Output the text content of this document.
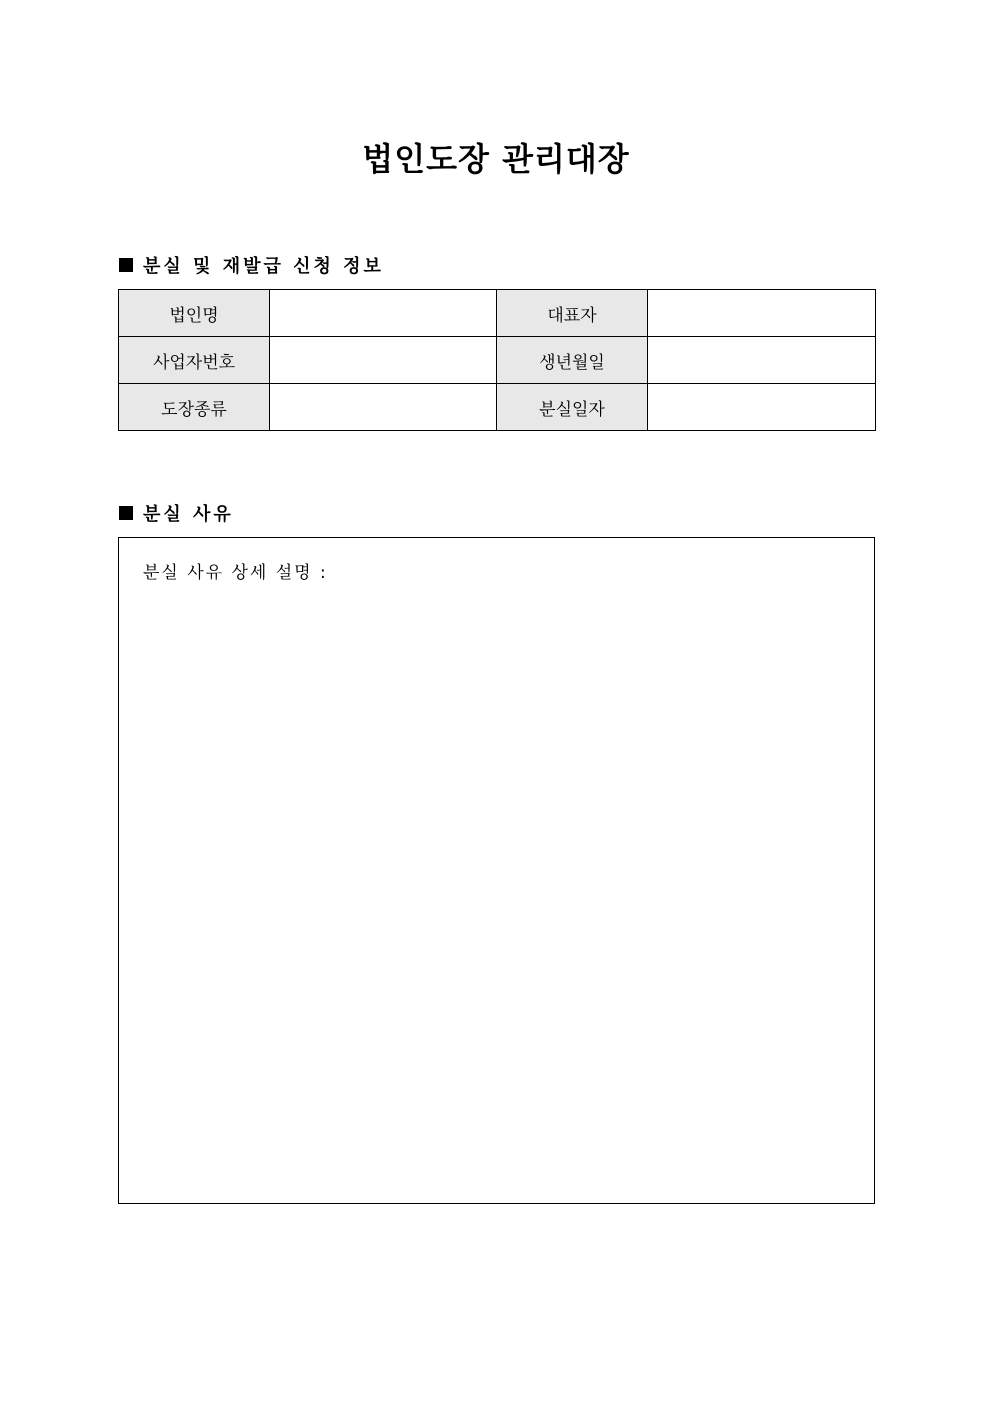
법인도장 관리대장
분실 및 재발급 신청 정보
법인명		대표자	
사업자번호		생년월일	
도장종류		분실일자	
분실 사유
분실 사유 상세 설명 :
